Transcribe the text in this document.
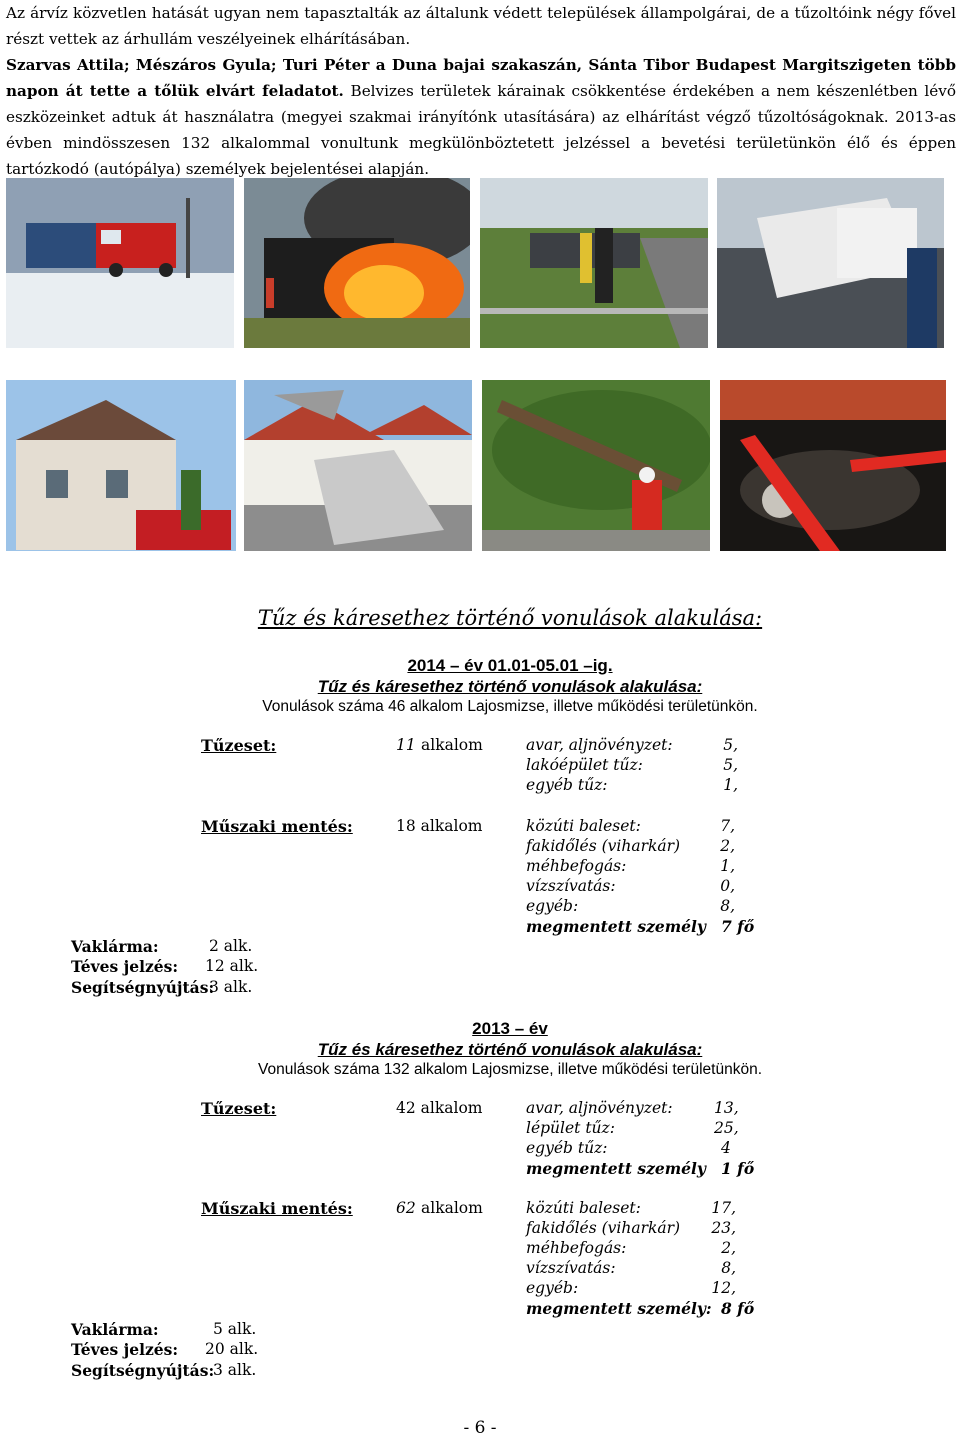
Az árvíz közvetlen hatását ugyan nem tapasztalták az általunk védett települések állampolgárai, de a tűzoltóink négy fővel részt vettek az árhullám veszélyeinek elhárításában.
Szarvas Attila; Mészáros Gyula; Turi Péter a Duna bajai szakaszán, Sánta Tibor Budapest Margitszigeten több napon át tette a tőlük elvárt feladatot. Belvizes területek kárainak csökkentése érdekében a nem készenlétben lévő eszközeinket adtuk át használatra (megyei szakmai irányítónk utasítására) az elhárítást végző tűzoltóságoknak. 2013-as évben mindösszesen 132 alkalommal vonultunk megkülönböztetett jelzéssel a bevetési területünkön élő és éppen tartózkodó (autópálya) személyek bejelentései alapján.
Tűz és káresethez történő vonulások alakulása:
2014 – év 01.01-05.01 –ig.
Tűz és káresethez történő vonulások alakulása:
Vonulások száma 46 alkalom Lajosmizse, illetve működési területünkön.
Tűzeset:	11 alkalom	avar, aljnövényzet:	5,
lakóépület tűz:	5,
egyéb tűz:	1,
Műszaki mentés:	18 alkalom	közúti baleset:	7,
fakidőlés (viharkár)	2,
méhbefogás:	1,
vízszívatás:	0,
egyéb:	8,
megmentett személy 7 fő
Vaklárma:	2 alk.
Téves jelzés: 12 alk.
Segítségnyújtás:
3 alk.
2013 – év
Tűz és káresethez történő vonulások alakulása:
Vonulások száma 132 alkalom Lajosmizse, illetve működési területünkön.
Tűzeset:	42 alkalom	avar, aljnövényzet:	13,
lépület tűz:	25,
egyéb tűz:	4
megmentett személy 1 fő
Műszaki mentés:	62 alkalom	közúti baleset:	17,
fakidőlés (viharkár)	23,
méhbefogás:	2,
vízszívatás:	8,
egyéb:	12,
megmentett személy: 8 fő
Vaklárma:	5 alk.
Téves jelzés: 20 alk.
Segítségnyújtás:
3 alk.
- 6 -
